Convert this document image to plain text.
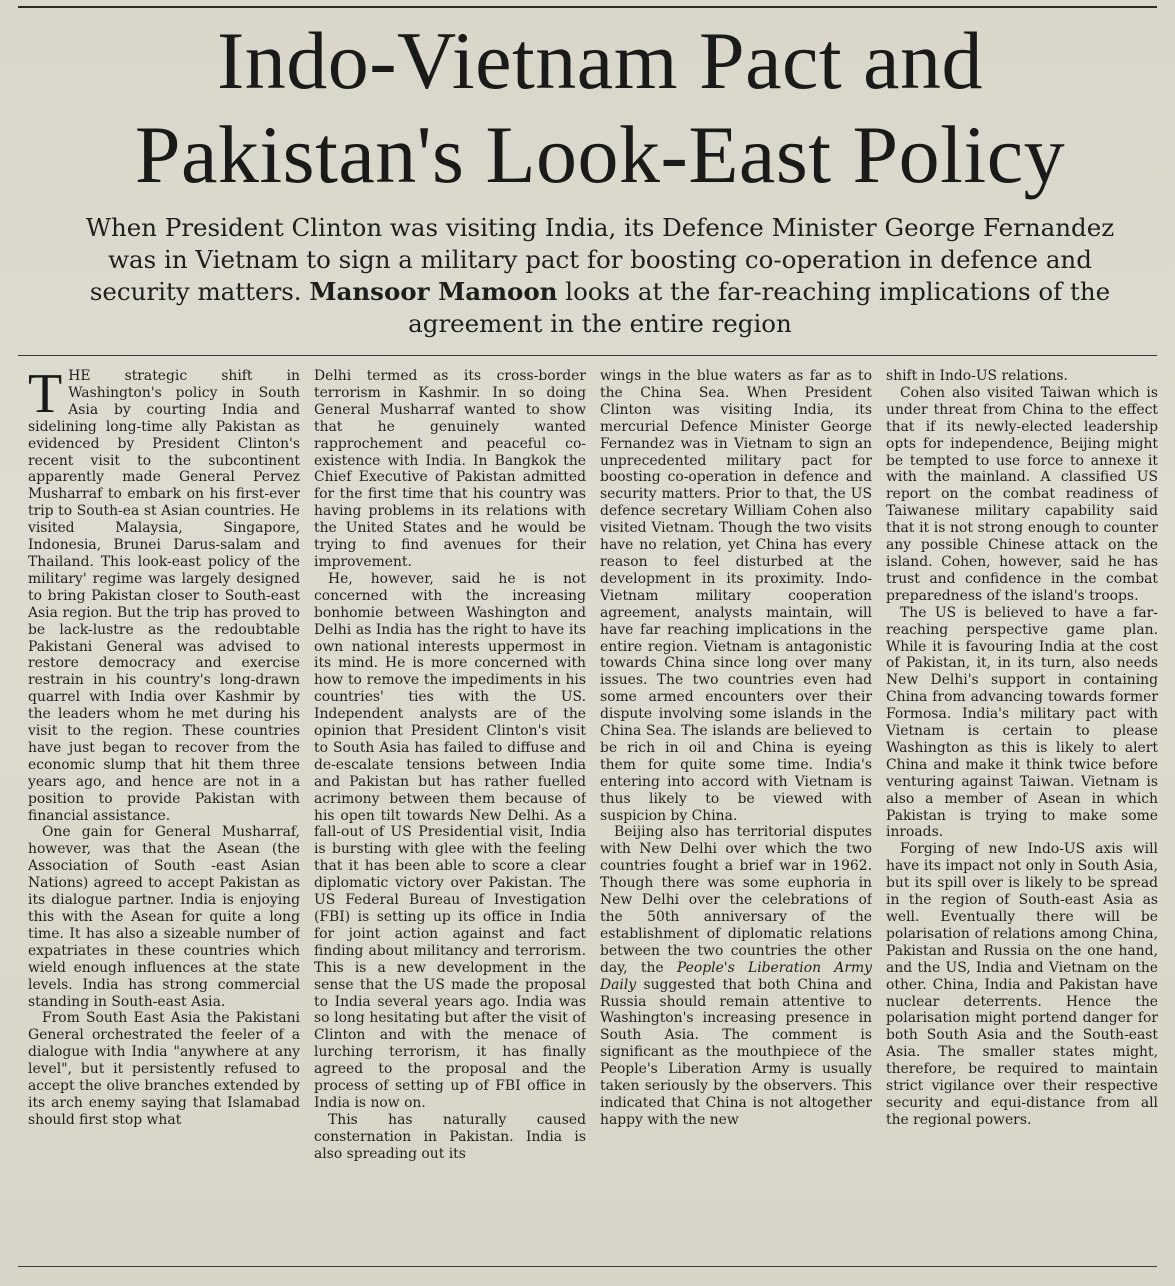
Indo-Vietnam Pact and
Pakistan's Look-East Policy

When President Clinton was visiting India, its Defence Minister George Fernandez was in Vietnam to sign a military pact for boosting co-operation in defence and security matters. Mansoor Mamoon looks at the far-reaching implications of the agreement in the entire region

THE strategic shift in Washington's policy in South Asia by courting India and sidelining long-time ally Pakistan as evidenced by President Clinton's recent visit to the subcontinent apparently made General Pervez Musharraf to embark on his first-ever trip to South-ea st Asian countries. He visited Malaysia, Singapore, Indonesia, Brunei Darus-salam and Thailand. This look-east policy of the military' regime was largely designed to bring Pakistan closer to South-east Asia region. But the trip has proved to be lack-lustre as the redoubtable Pakistani General was advised to restore democracy and exercise restrain in his country's long-drawn quarrel with India over Kashmir by the leaders whom he met during his visit to the region. These countries have just began to recover from the economic slump that hit them three years ago, and hence are not in a position to provide Pakistan with financial assistance.

One gain for General Musharraf, however, was that the Asean (the Association of South -east Asian Nations) agreed to accept Pakistan as its dialogue partner. India is enjoying this with the Asean for quite a long time. It has also a sizeable number of expatriates in these countries which wield enough influences at the state levels. India has strong commercial standing in South-east Asia.

From South East Asia the Pakistani General orchestrated the feeler of a dialogue with India "anywhere at any level", but it persistently refused to accept the olive branches extended by its arch enemy saying that Islamabad should first stop what

Delhi termed as its cross-border terrorism in Kashmir. In so doing General Musharraf wanted to show that he genuinely wanted rapprochement and peaceful co-existence with India. In Bangkok the Chief Executive of Pakistan admitted for the first time that his country was having problems in its relations with the United States and he would be trying to find avenues for their improvement.

He, however, said he is not concerned with the increasing bonhomie between Washington and Delhi as India has the right to have its own national interests uppermost in its mind. He is more concerned with how to remove the impediments in his countries' ties with the US. Independent analysts are of the opinion that President Clinton's visit to South Asia has failed to diffuse and de-escalate tensions between India and Pakistan but has rather fuelled acrimony between them because of his open tilt towards New Delhi. As a fall-out of US Presidential visit, India is bursting with glee with the feeling that it has been able to score a clear diplomatic victory over Pakistan. The US Federal Bureau of Investigation (FBI) is setting up its office in India for joint action against and fact finding about militancy and terrorism. This is a new development in the sense that the US made the proposal to India several years ago. India was so long hesitating but after the visit of Clinton and with the menace of lurching terrorism, it has finally agreed to the proposal and the process of setting up of FBI office in India is now on.

This has naturally caused consternation in Pakistan. India is also spreading out its

wings in the blue waters as far as to the China Sea. When President Clinton was visiting India, its mercurial Defence Minister George Fernandez was in Vietnam to sign an unprecedented military pact for boosting co-operation in defence and security matters. Prior to that, the US defence secretary William Cohen also visited Vietnam. Though the two visits have no relation, yet China has every reason to feel disturbed at the development in its proximity. Indo-Vietnam military cooperation agreement, analysts maintain, will have far reaching implications in the entire region. Vietnam is antagonistic towards China since long over many issues. The two countries even had some armed encounters over their dispute involving some islands in the China Sea. The islands are believed to be rich in oil and China is eyeing them for quite some time. India's entering into accord with Vietnam is thus likely to be viewed with suspicion by China.

Beijing also has territorial disputes with New Delhi over which the two countries fought a brief war in 1962. Though there was some euphoria in New Delhi over the celebrations of the 50th anniversary of the establishment of diplomatic relations between the two countries the other day, the People's Liberation Army Daily suggested that both China and Russia should remain attentive to Washington's increasing presence in South Asia. The comment is significant as the mouthpiece of the People's Liberation Army is usually taken seriously by the observers. This indicated that China is not altogether happy with the new

shift in Indo-US relations.

Cohen also visited Taiwan which is under threat from China to the effect that if its newly-elected leadership opts for independence, Beijing might be tempted to use force to annexe it with the mainland. A classified US report on the combat readiness of Taiwanese military capability said that it is not strong enough to counter any possible Chinese attack on the island. Cohen, however, said he has trust and confidence in the combat preparedness of the island's troops.

The US is believed to have a far-reaching perspective game plan. While it is favouring India at the cost of Pakistan, it, in its turn, also needs New Delhi's support in containing China from advancing towards former Formosa. India's military pact with Vietnam is certain to please Washington as this is likely to alert China and make it think twice before venturing against Taiwan. Vietnam is also a member of Asean in which Pakistan is trying to make some inroads.

Forging of new Indo-US axis will have its impact not only in South Asia, but its spill over is likely to be spread in the region of South-east Asia as well. Eventually there will be polarisation of relations among China, Pakistan and Russia on the one hand, and the US, India and Vietnam on the other. China, India and Pakistan have nuclear deterrents. Hence the polarisation might portend danger for both South Asia and the South-east Asia. The smaller states might, therefore, be required to maintain strict vigilance over their respective security and equi-distance from all the regional powers.
